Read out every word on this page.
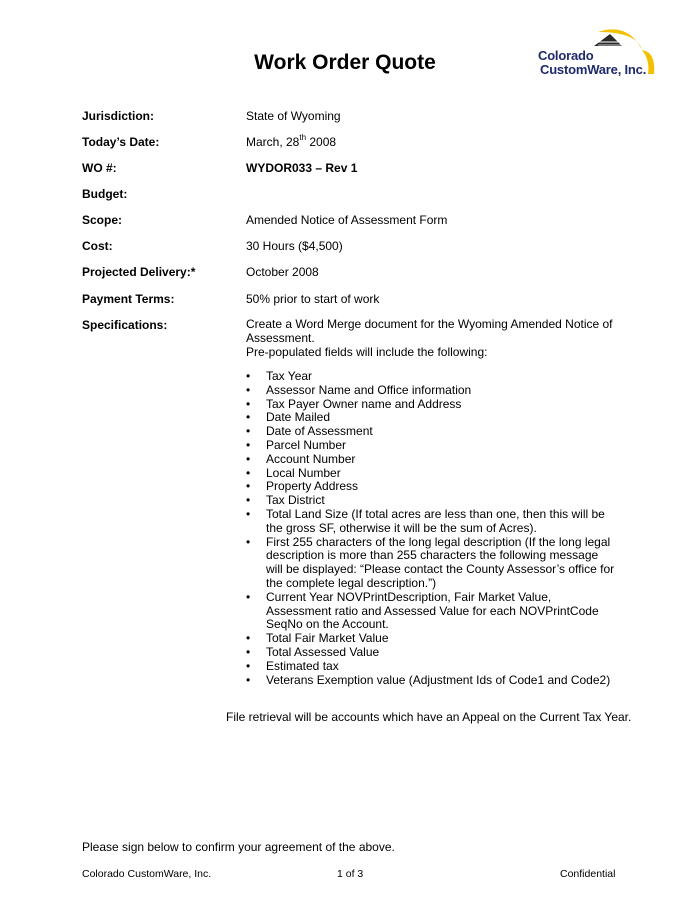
Work Order Quote	Colorado
CustomWare, Inc.
Jurisdiction:	State of Wyoming
Today’s Date:	March, 28th 2008
WO #:	WYDOR033 – Rev 1
Budget:
Scope:	Amended Notice of Assessment Form
Cost:	30 Hours ($4,500)
Projected Delivery:*	October 2008
Payment Terms:	50% prior to start of work
Specifications:	Create a Word Merge document for the Wyoming Amended Notice of Assessment.
Pre-populated fields will include the following:
• Tax Year
• Assessor Name and Office information
• Tax Payer Owner name and Address
• Date Mailed
• Date of Assessment
• Parcel Number
• Account Number
• Local Number
• Property Address
• Tax District
• Total Land Size (If total acres are less than one, then this will be the gross SF, otherwise it will be the sum of Acres).
• First 255 characters of the long legal description (If the long legal description is more than 255 characters the following message will be displayed: “Please contact the County Assessor’s office for the complete legal description.”)
• Current Year NOVPrintDescription, Fair Market Value, Assessment ratio and Assessed Value for each NOVPrintCode SeqNo on the Account.
• Total Fair Market Value
• Total Assessed Value
• Estimated tax
• Veterans Exemption value (Adjustment Ids of Code1 and Code2)
File retrieval will be accounts which have an Appeal on the Current Tax Year.
Please sign below to confirm your agreement of the above.
Colorado CustomWare, Inc.	1 of 3	Confidential
